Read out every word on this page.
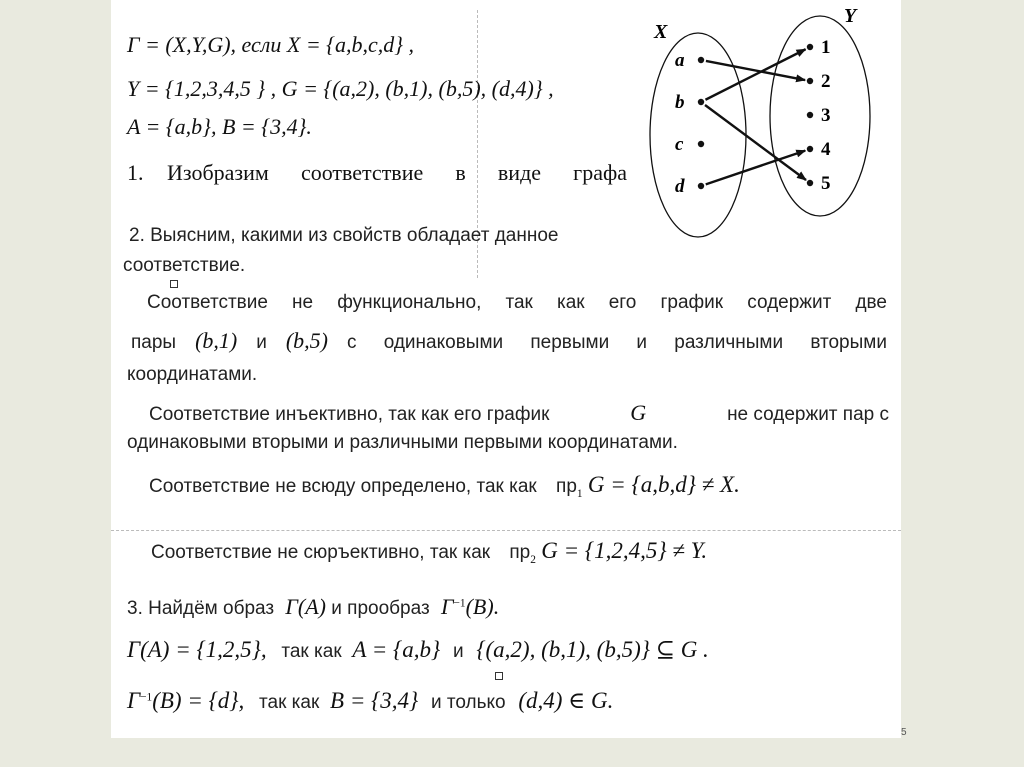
Γ = (X,Y,G), если X = {a,b,c,d} ,
Y = {1,2,3,4,5 } , G = {(a,2), (b,1), (b,5), (d,4)} ,
A = {a,b}, B = {3,4}.
1. Изобразим соответствие в виде графа
X
Y
a
b
c
d
1
2
3
4
5
2. Выясним, какими из свойств обладает данное
соответствие.
Соответствие не функционально, так как его график содержит две
пары (b,1) и (b,5) с одинаковыми первыми и различными вторыми
координатами.
Соответствие инъективно, так как его график	G	не содержит пар с
одинаковыми вторыми и различными первыми координатами.
Соответствие не всюду определено, так как $пр_1$ G = {a,b,d} ≠ X.
Соответствие не сюръективно, так как $пр_2$ G = {1,2,4,5} ≠ Y.
3. Найдём образ Γ(A) и прообраз $\Gamma^{-1}(B)$.
Γ(A) = {1,2,5}, так как A = {a,b} и {(a,2), (b,1), (b,5)} ⊆ G .
$\Gamma^{-1}(B) = \{d\}$, так как B = {3,4} и только (d,4) ∈ G.
5
